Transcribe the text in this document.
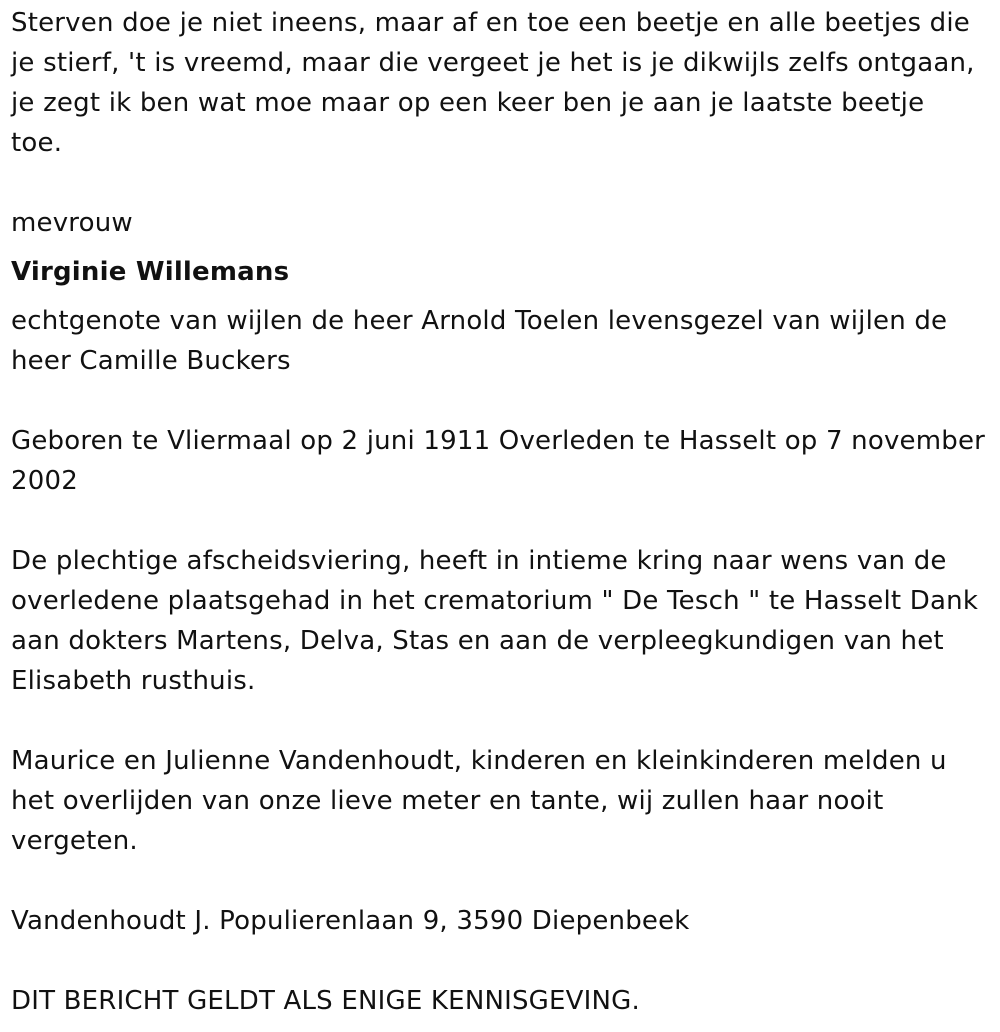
Sterven doe je niet ineens, maar af en toe een beetje en alle beetjes die

je stierf, 't is vreemd, maar die vergeet je het is je dikwijls zelfs ontgaan,

je zegt ik ben wat moe maar op een keer ben je aan je laatste beetje

toe.

mevrouw

Virginie Willemans

echtgenote van wijlen de heer Arnold Toelen levensgezel van wijlen de

heer Camille Buckers

Geboren te Vliermaal op 2 juni 1911 Overleden te Hasselt op 7 november

2002

De plechtige afscheidsviering, heeft in intieme kring naar wens van de

overledene plaatsgehad in het crematorium " De Tesch " te Hasselt Dank

aan dokters Martens, Delva, Stas en aan de verpleegkundigen van het

Elisabeth rusthuis.

Maurice en Julienne Vandenhoudt, kinderen en kleinkinderen melden u

het overlijden van onze lieve meter en tante, wij zullen haar nooit

vergeten.

Vandenhoudt J. Populierenlaan 9, 3590 Diepenbeek

DIT BERICHT GELDT ALS ENIGE KENNISGEVING.
